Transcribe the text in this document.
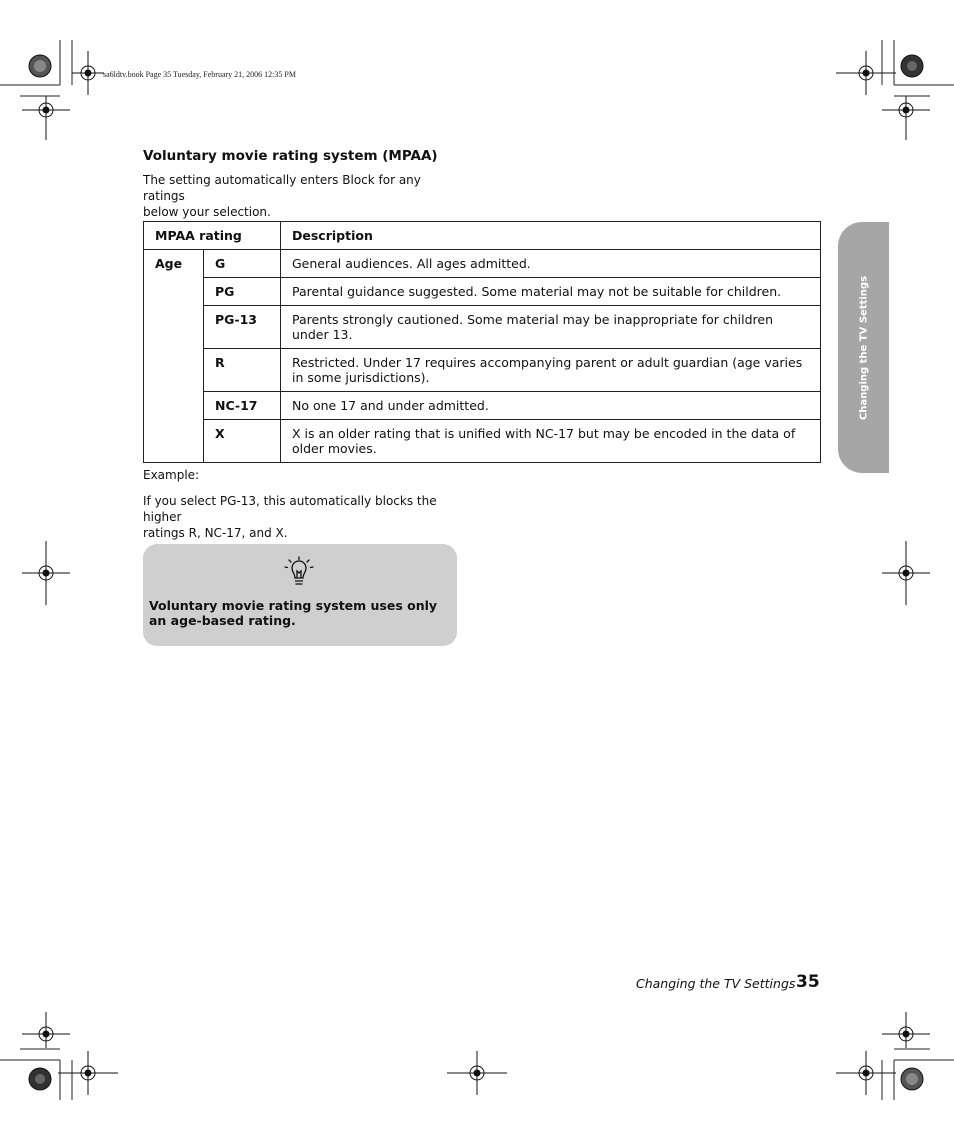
sa6ldtv.book Page 35 Tuesday, February 21, 2006 12:35 PM
Voluntary movie rating system (MPAA)

The setting automatically enters Block for any ratings
below your selection.

MPAA rating		Description
Age	G	General audiences. All ages admitted.
	PG	Parental guidance suggested. Some material may not be suitable for children.
	PG-13	Parents strongly cautioned. Some material may be inappropriate for children under 13.
	R	Restricted. Under 17 requires accompanying parent or adult guardian (age varies in some jurisdictions).
	NC-17	No one 17 and under admitted.
	X	X is an older rating that is unified with NC-17 but may be encoded in the data of older movies.

Example:

If you select PG-13, this automatically blocks the higher
ratings R, NC-17, and X.

Voluntary movie rating system uses only an age-based rating.

Changing the TV Settings
Changing the TV Settings 35
